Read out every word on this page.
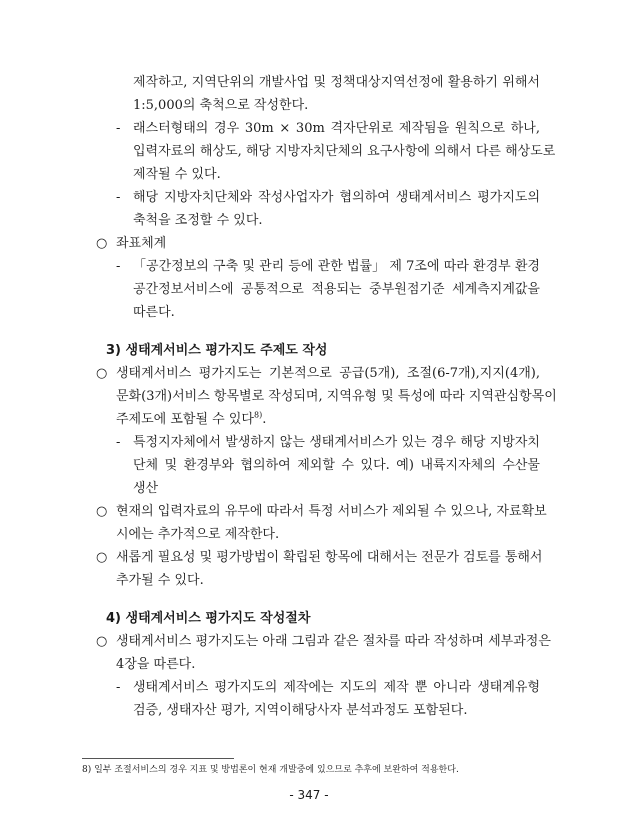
제작하고, 지역단위의 개발사업 및 정책대상지역선정에 활용하기 위해서
1:5,000의 축척으로 작성한다.
- 래스터형태의 경우 30m × 30m 격자단위로 제작됨을 원칙으로 하나,
입력자료의 해상도, 해당 지방자치단체의 요구사항에 의해서 다른 해상도로
제작될 수 있다.
- 해당 지방자치단체와 작성사업자가 협의하여 생태계서비스 평가지도의
축척을 조정할 수 있다.
○ 좌표체계
- 「공간정보의 구축 및 관리 등에 관한 법률」 제 7조에 따라 환경부 환경
공간정보서비스에 공통적으로 적용되는 중부원점기준 세계측지계값을
따른다.
3) 생태계서비스 평가지도 주제도 작성
○ 생태계서비스 평가지도는 기본적으로 공급(5개), 조절(6-7개),지지(4개),
문화(3개)서비스 항목별로 작성되며, 지역유형 및 특성에 따라 지역관심항목이
주제도에 포함될 수 있다$^{8)}$.
- 특정지자체에서 발생하지 않는 생태계서비스가 있는 경우 해당 지방자치
단체 및 환경부와 협의하여 제외할 수 있다. 예) 내륙지자체의 수산물
생산
○ 현재의 입력자료의 유무에 따라서 특정 서비스가 제외될 수 있으나, 자료확보
시에는 추가적으로 제작한다.
○ 새롭게 필요성 및 평가방법이 확립된 항목에 대해서는 전문가 검토를 통해서
추가될 수 있다.
4) 생태계서비스 평가지도 작성절차
○ 생태계서비스 평가지도는 아래 그림과 같은 절차를 따라 작성하며 세부과정은
4장을 따른다.
- 생태계서비스 평가지도의 제작에는 지도의 제작 뿐 아니라 생태계유형
검증, 생태자산 평가, 지역이해당사자 분석과정도 포함된다.
8) 일부 조절서비스의 경우 지표 및 방법론이 현재 개발중에 있으므로 추후에 보완하여 적용한다.
- 347 -
